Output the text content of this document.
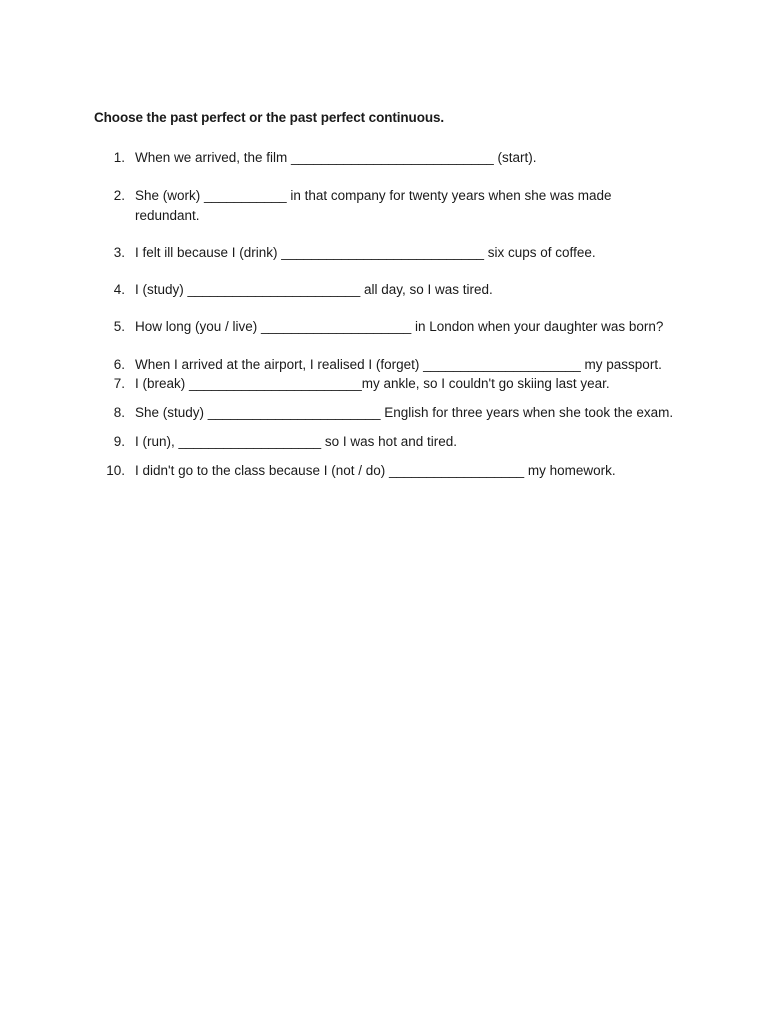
Choose the past perfect or the past perfect continuous.
1. When we arrived, the film ___________________________ (start).
2. She (work) ___________ in that company for twenty years when she was made redundant.
3. I felt ill because I (drink) ___________________________ six cups of coffee.
4. I (study) _______________________ all day, so I was tired.
5. How long (you / live) ____________________ in London when your daughter was born?
6. When I arrived at the airport, I realised I (forget) _____________________ my passport.
7. I (break) _______________________my ankle, so I couldn't go skiing last year.
8. She (study) _______________________ English for three years when she took the exam.
9. I (run), ___________________ so I was hot and tired.
10. I didn't go to the class because I (not / do) __________________ my homework.
